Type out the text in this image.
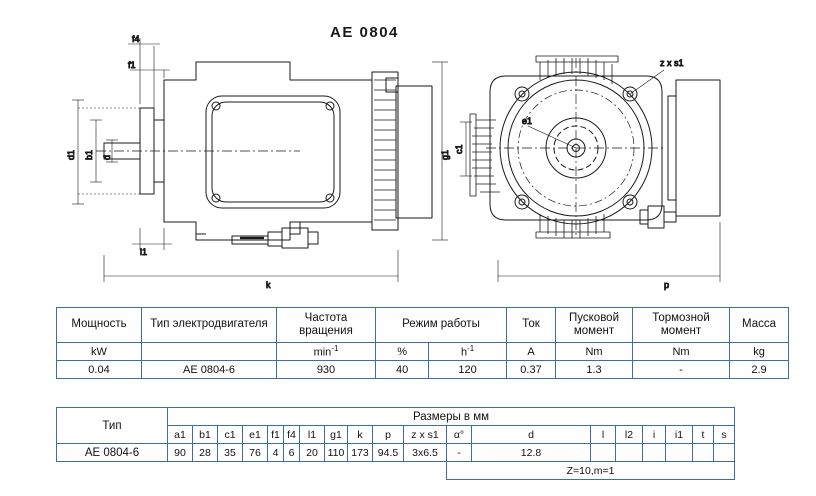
AE 0804
f4
f1
d1 b1 d
l1
k
g1
c1
e1
z x s1
p
Мощность	Тип электродвигателя	Частота вращения	Режим работы		Ток	Пусковой момент	Тормозной момент	Масса
kW		$\min^{-1}$	%	$h^{-1}$	A	Nm	Nm	kg
0.04	AE 0804-6	930	40	120	0.37	1.3	-	2.9
Тип	Размеры в мм																		
	a1	b1	c1	e1	f1	f4	l1	g1	k	p	z x s1	α°	d	l	l2	i	i1	t	s
AE 0804-6	90	28	35	76	4	6	20	110	173	94.5	3x6.5	-	12.8						
												Z=10,m=1							
